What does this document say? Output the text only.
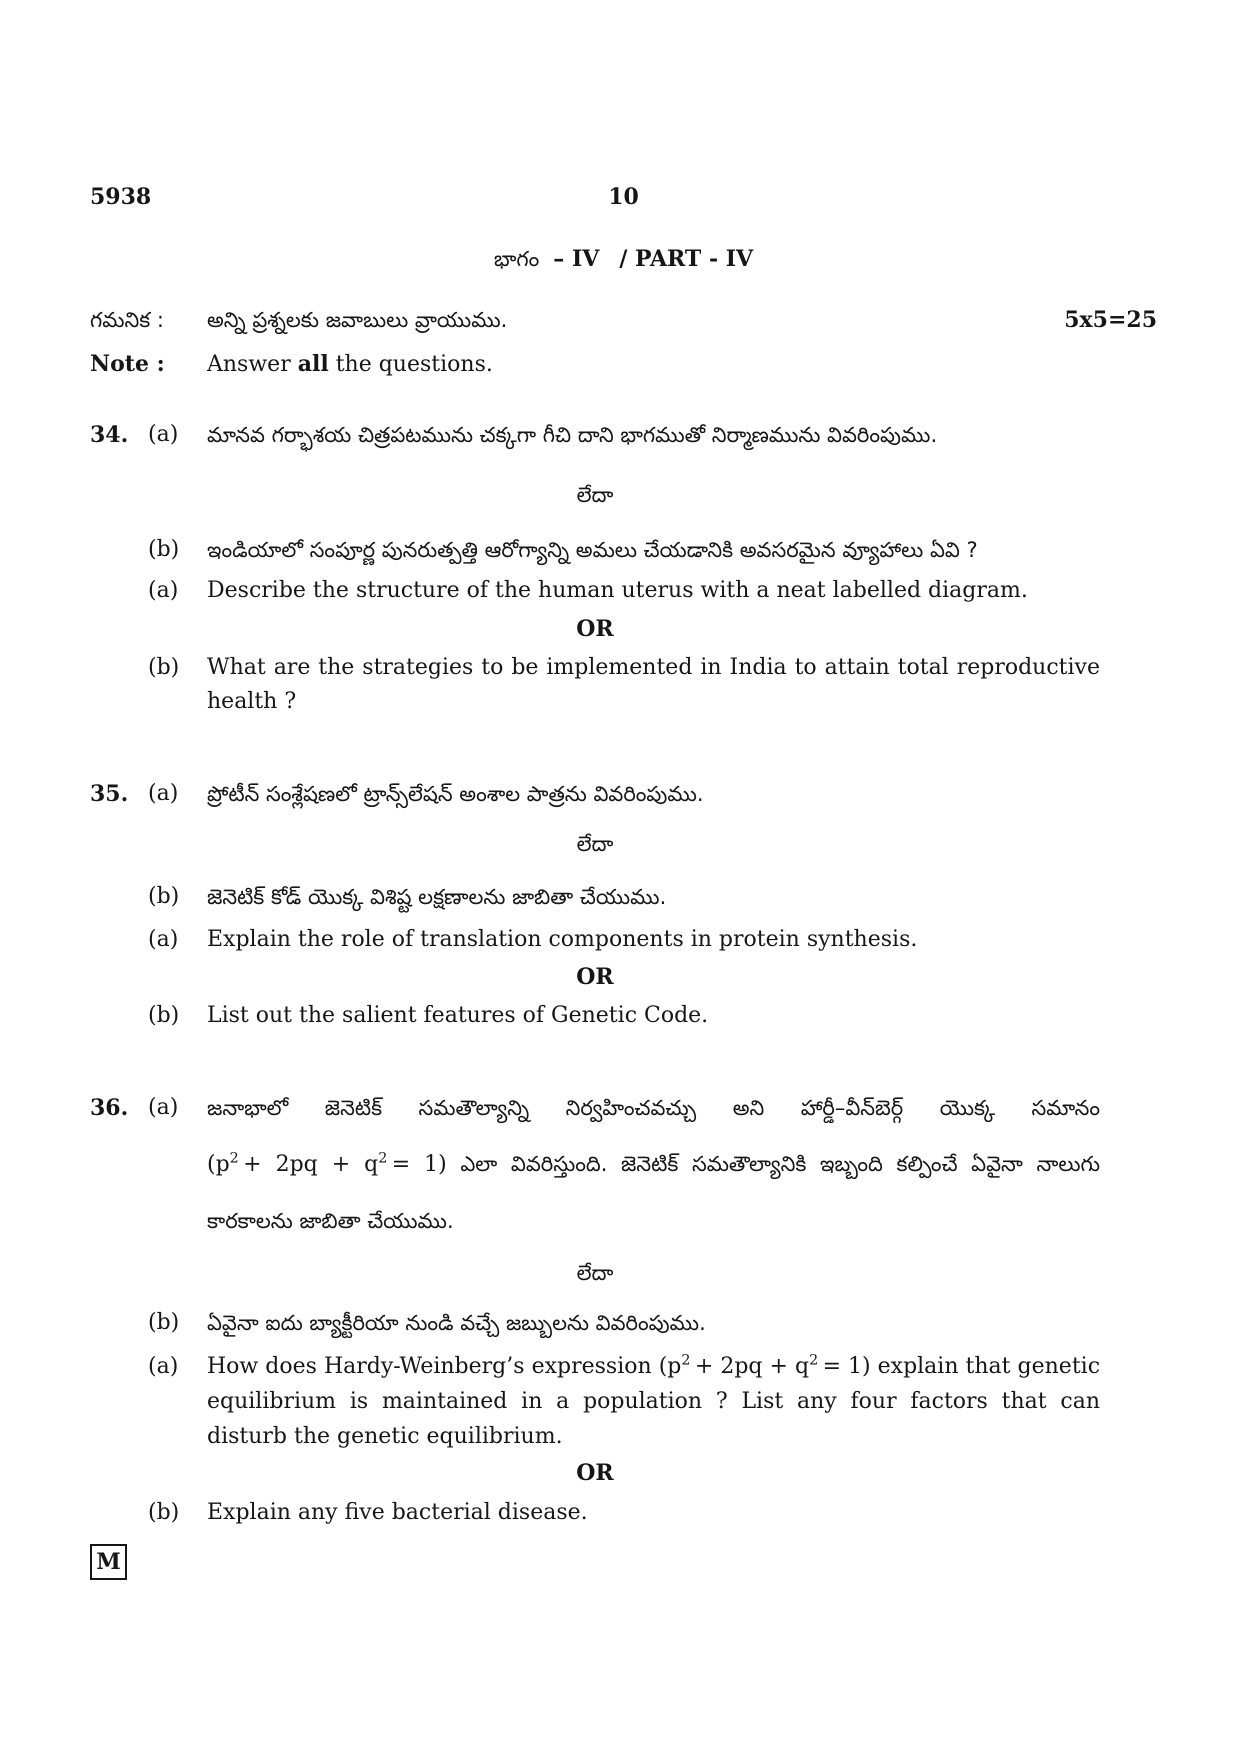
5938	10
భాగం – IV / PART - IV
గమనిక :	అన్ని ప్రశ్నలకు జవాబులు వ్రాయుము.	5x5=25
Note :	Answer all the questions.
34. (a)	మానవ గర్భాశయ చిత్రపటమును చక్కగా గీచి దాని భాగముతో నిర్మాణమును వివరింపుము.
లేదా
(b)	ఇండియాలో సంపూర్ణ పునరుత్పత్తి ఆరోగ్యాన్ని అమలు చేయడానికి అవసరమైన వ్యూహాలు ఏవి ?
(a)	Describe the structure of the human uterus with a neat labelled diagram.
OR
(b)	What are the strategies to be implemented in India to attain total reproductive health ?
35. (a)	ప్రోటీన్ సంశ్లేషణలో ట్రాన్స్‌లేషన్ అంశాల పాత్రను వివరింపుము.
లేదా
(b)	జెనెటిక్ కోడ్ యొక్క విశిష్ట లక్షణాలను జాబితా చేయుము.
(a)	Explain the role of translation components in protein synthesis.
OR
(b)	List out the salient features of Genetic Code.
36. (a)	జనాభాలో జెనెటిక్ సమతౌల్యాన్ని నిర్వహించవచ్చు అని హార్డీ–వీన్‌బెర్గ్ యొక్క సమానం
$(p^2 + 2pq + q^2 = 1)$ ఎలా వివరిస్తుంది. జెనెటిక్ సమతౌల్యానికి ఇబ్బంది కల్పించే ఏవైనా నాలుగు
కారకాలను జాబితా చేయుము.
లేదా
(b)	ఏవైనా ఐదు బ్యాక్టీరియా నుండి వచ్చే జబ్బులను వివరింపుము.
(a)	How does Hardy-Weinberg’s expression $(p^2 + 2pq + q^2 = 1)$ explain that genetic equilibrium is maintained in a population ? List any four factors that can disturb the genetic equilibrium.
OR
(b)	Explain any five bacterial disease.
M
